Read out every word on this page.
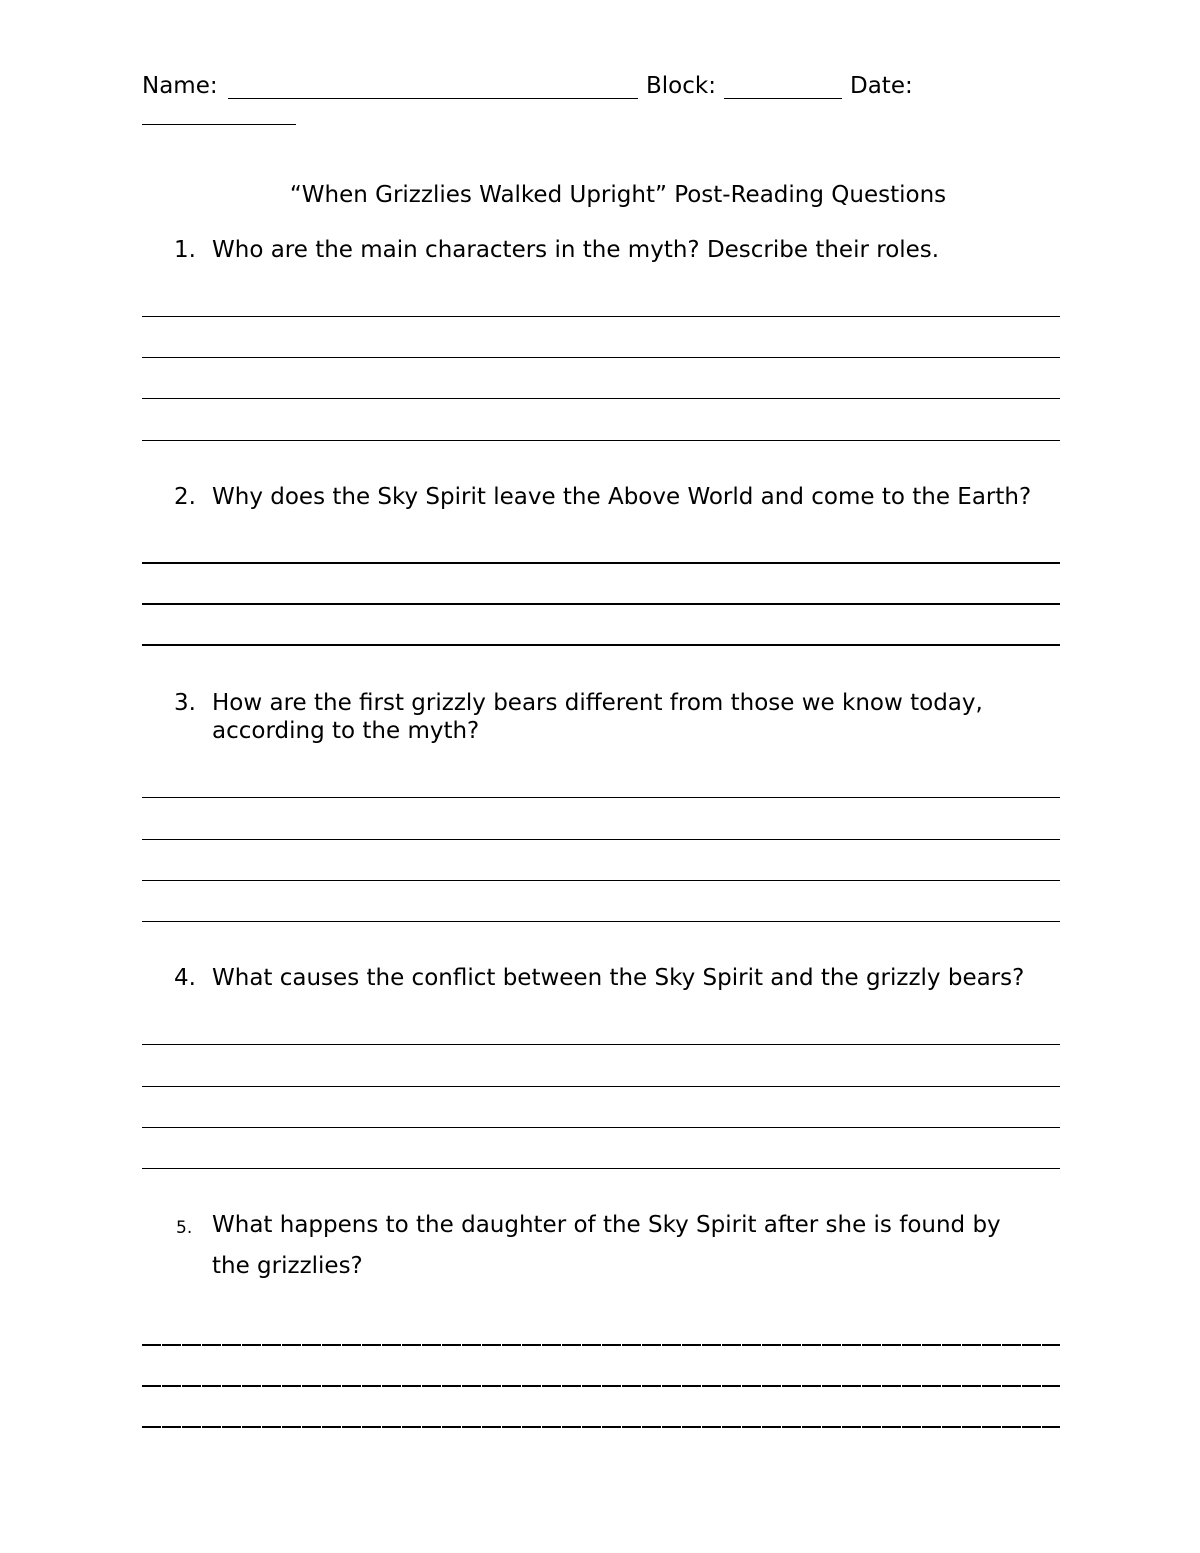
Name:	Block:	Date:
“When Grizzlies Walked Upright” Post-Reading Questions
1. Who are the main characters in the myth? Describe their roles.
2. Why does the Sky Spirit leave the Above World and come to the Earth?
3. How are the first grizzly bears different from those we know today,
according to the myth?
4. What causes the conflict between the Sky Spirit and the grizzly bears?
5. What happens to the daughter of the Sky Spirit after she is found by
the grizzlies?
